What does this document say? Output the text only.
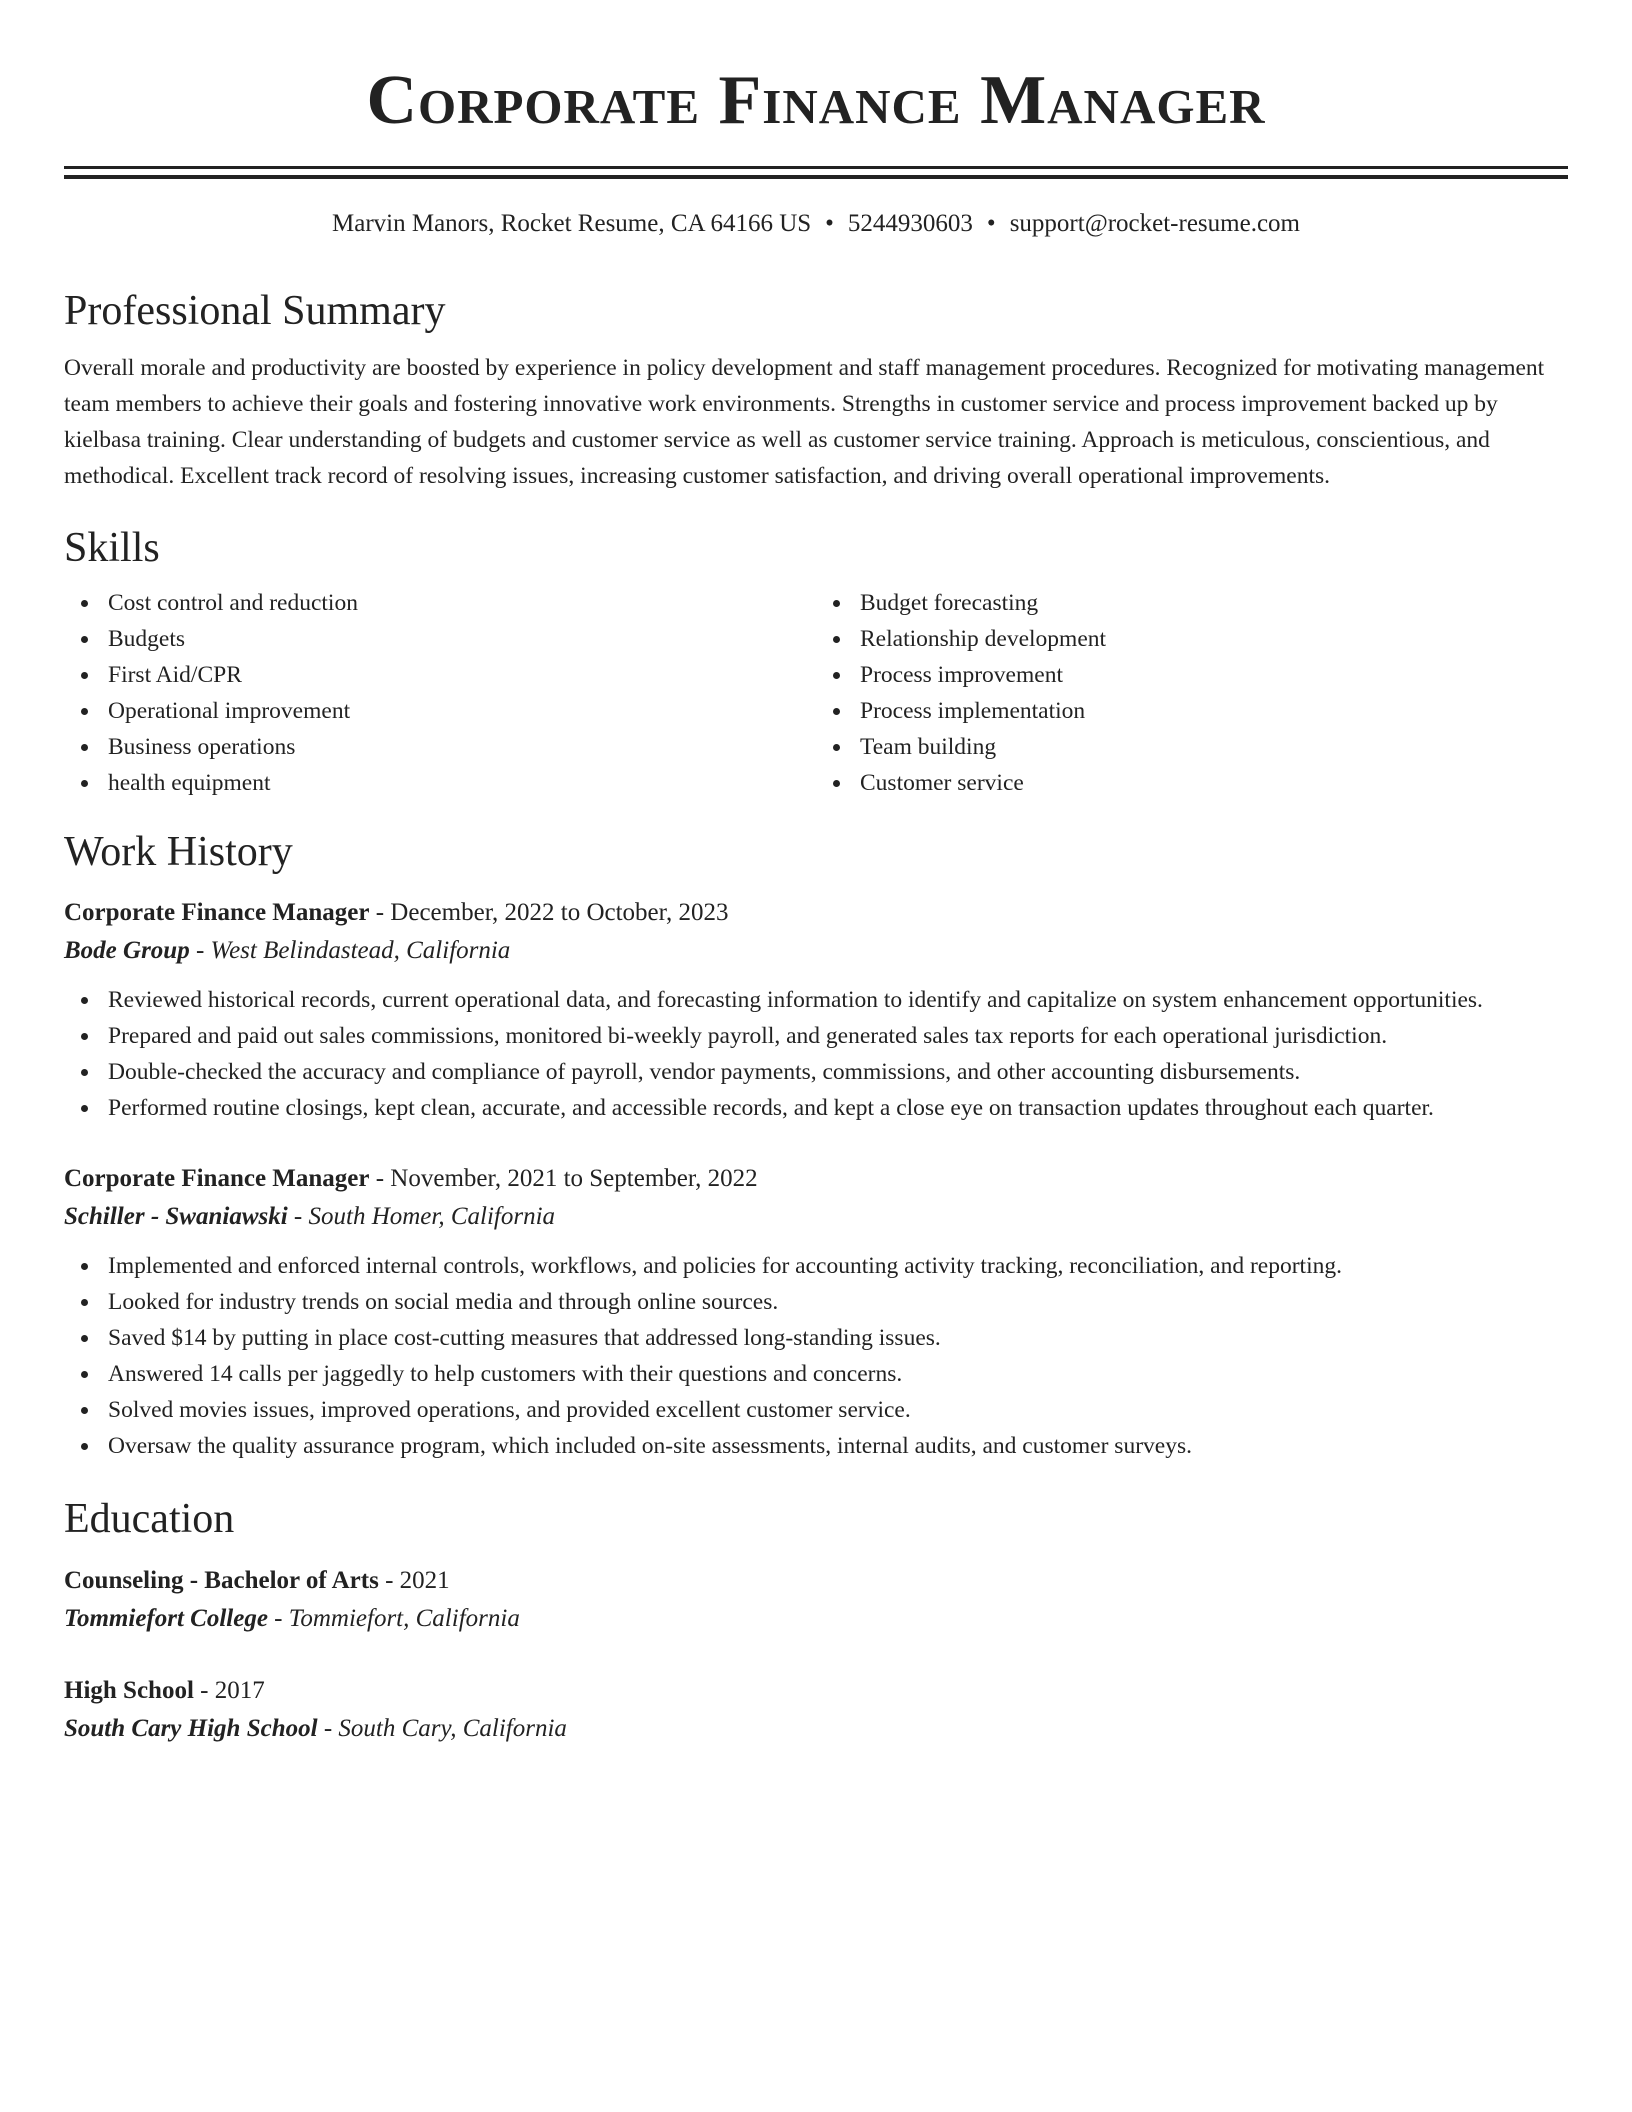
Corporate Finance Manager
Marvin Manors, Rocket Resume, CA 64166 US • 5244930603 • support@rocket-resume.com
Professional Summary
Overall morale and productivity are boosted by experience in policy development and staff management procedures. Recognized for motivating management team members to achieve their goals and fostering innovative work environments. Strengths in customer service and process improvement backed up by kielbasa training. Clear understanding of budgets and customer service as well as customer service training. Approach is meticulous, conscientious, and methodical. Excellent track record of resolving issues, increasing customer satisfaction, and driving overall operational improvements.
Skills
Cost control and reduction
Budgets
First Aid/CPR
Operational improvement
Business operations
health equipment
Budget forecasting
Relationship development
Process improvement
Process implementation
Team building
Customer service
Work History
Corporate Finance Manager - December, 2022 to October, 2023
Bode Group - West Belindastead, California
Reviewed historical records, current operational data, and forecasting information to identify and capitalize on system enhancement opportunities.
Prepared and paid out sales commissions, monitored bi-weekly payroll, and generated sales tax reports for each operational jurisdiction.
Double-checked the accuracy and compliance of payroll, vendor payments, commissions, and other accounting disbursements.
Performed routine closings, kept clean, accurate, and accessible records, and kept a close eye on transaction updates throughout each quarter.
Corporate Finance Manager - November, 2021 to September, 2022
Schiller - Swaniawski - South Homer, California
Implemented and enforced internal controls, workflows, and policies for accounting activity tracking, reconciliation, and reporting.
Looked for industry trends on social media and through online sources.
Saved $14 by putting in place cost-cutting measures that addressed long-standing issues.
Answered 14 calls per jaggedly to help customers with their questions and concerns.
Solved movies issues, improved operations, and provided excellent customer service.
Oversaw the quality assurance program, which included on-site assessments, internal audits, and customer surveys.
Education
Counseling - Bachelor of Arts - 2021
Tommiefort College - Tommiefort, California
High School - 2017
South Cary High School - South Cary, California
